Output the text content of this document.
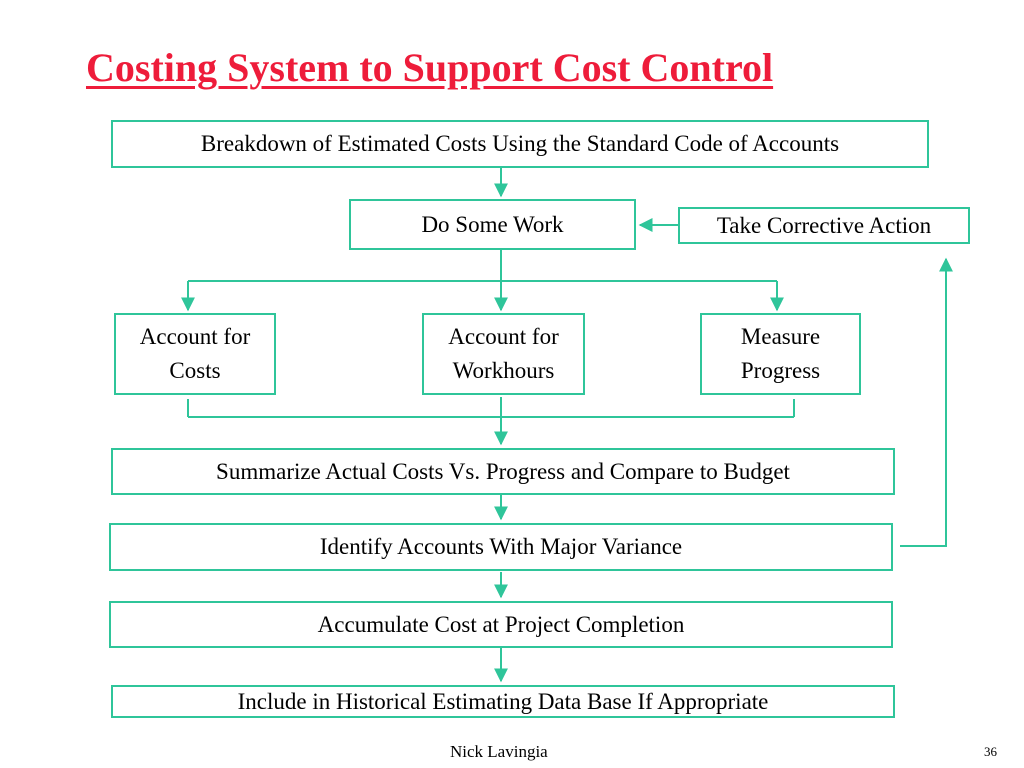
Costing System to Support Cost Control
Breakdown of Estimated Costs Using the Standard Code of Accounts
Do Some Work	Take Corrective Action
Account for
Costs
Account for
Workhours
Measure
Progress
Summarize Actual Costs Vs. Progress and Compare to Budget
Identify Accounts With Major Variance
Accumulate Cost at Project Completion
Include in Historical Estimating Data Base If Appropriate
Nick Lavingia	36
